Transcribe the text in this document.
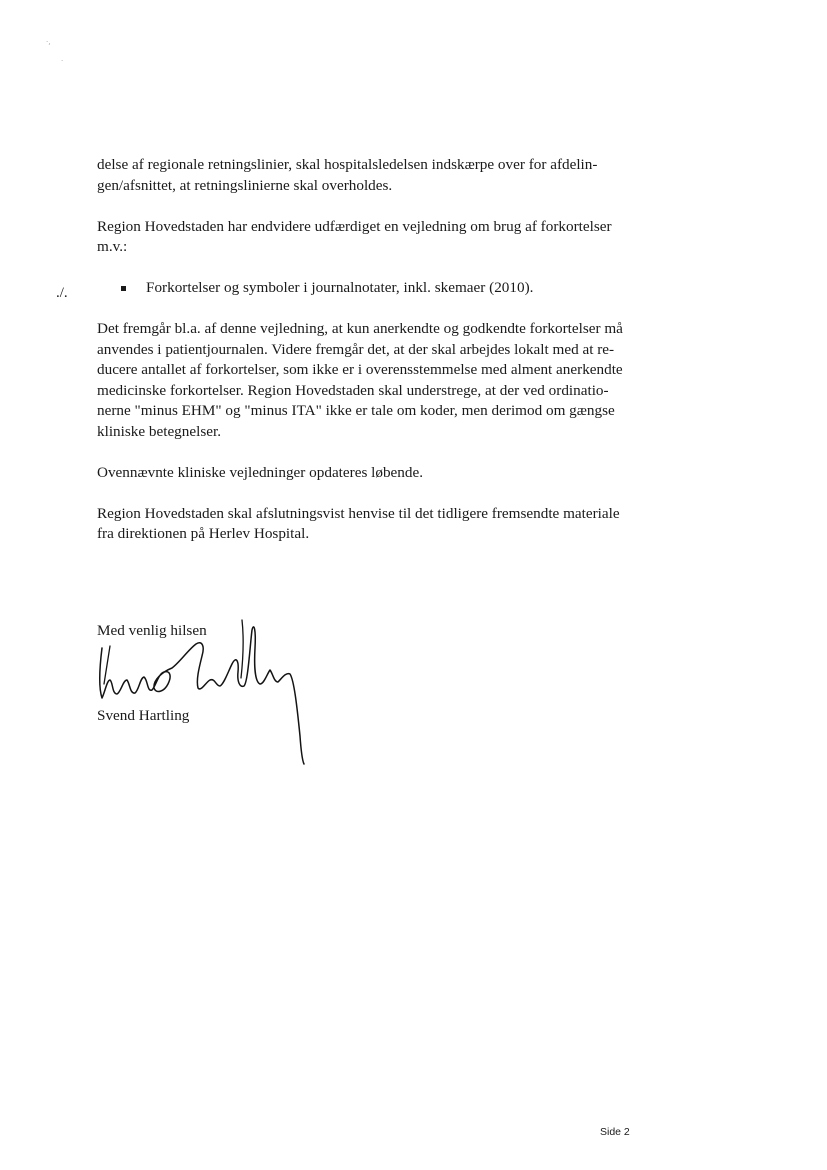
·,
·
./.

delse af regionale retningslinier, skal hospitalsledelsen indskærpe over for afdelin-
gen/afsnittet, at retningslinierne skal overholdes.

Region Hovedstaden har endvidere udfærdiget en vejledning om brug af forkortelser
m.v.:

Forkortelser og symboler i journalnotater, inkl. skemaer (2010).

Det fremgår bl.a. af denne vejledning, at kun anerkendte og godkendte forkortelser må
anvendes i patientjournalen. Videre fremgår det, at der skal arbejdes lokalt med at re-
ducere antallet af forkortelser, som ikke er i overensstemmelse med alment anerkendte
medicinske forkortelser. Region Hovedstaden skal understrege, at der ved ordinatio-
nerne "minus EHM" og "minus ITA" ikke er tale om koder, men derimod om gængse
kliniske betegnelser.

Ovennævnte kliniske vejledninger opdateres løbende.

Region Hovedstaden skal afslutningsvist henvise til det tidligere fremsendte materiale
fra direktionen på Herlev Hospital.

Med venlig hilsen
Svend Hartling
Side 2
